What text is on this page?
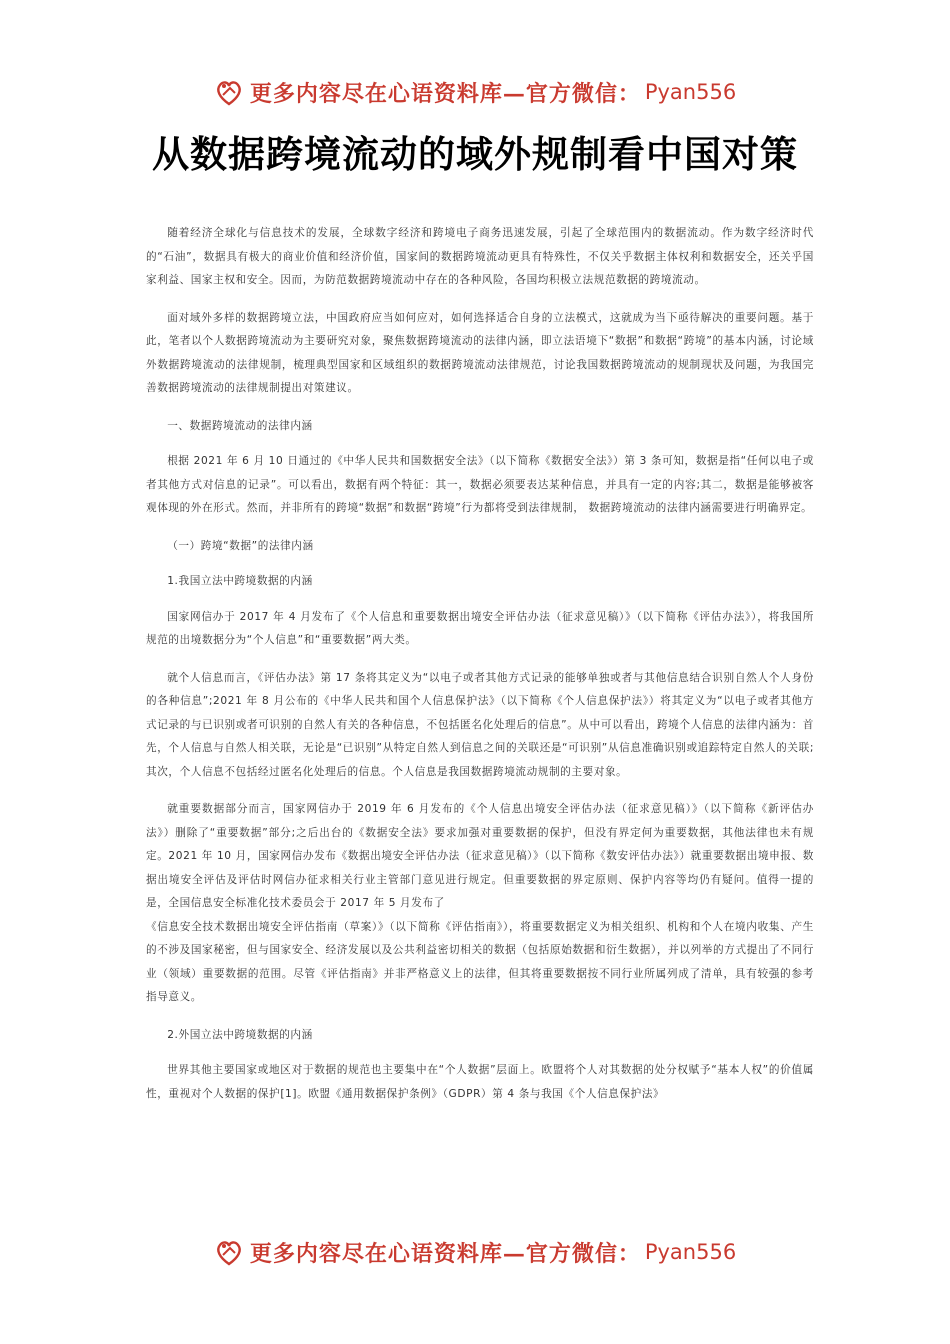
更多内容尽在心语资料库—官方微信： Pyan556
从数据跨境流动的域外规制看中国对策

随着经济全球化与信息技术的发展，全球数字经济和跨境电子商务迅速发展，引起了全球范围内的数据流动。作为数字经济时代的“石油”，数据具有极大的商业价值和经济价值，国家间的数据跨境流动更具有特殊性，不仅关乎数据主体权利和数据安全，还关乎国家利益、国家主权和安全。因而，为防范数据跨境流动中存在的各种风险，各国均积极立法规范数据的跨境流动。

面对域外多样的数据跨境立法，中国政府应当如何应对，如何选择适合自身的立法模式，这就成为当下亟待解决的重要问题。基于此，笔者以个人数据跨境流动为主要研究对象，聚焦数据跨境流动的法律内涵，即立法语境下“数据”和数据“跨境”的基本内涵，讨论域外数据跨境流动的法律规制，梳理典型国家和区域组织的数据跨境流动法律规范，讨论我国数据跨境流动的规制现状及问题，为我国完善数据跨境流动的法律规制提出对策建议。

一、数据跨境流动的法律内涵

根据 2021 年 6 月 10 日通过的《中华人民共和国数据安全法》（以下简称《数据安全法》）第 3 条可知，数据是指“任何以电子或者其他方式对信息的记录”。可以看出，数据有两个特征：其一，数据必须要表达某种信息，并具有一定的内容;其二，数据是能够被客观体现的外在形式。然而，并非所有的跨境“数据”和数据“跨境”行为都将受到法律规制， 数据跨境流动的法律内涵需要进行明确界定。

（一）跨境“数据”的法律内涵

1.我国立法中跨境数据的内涵

国家网信办于 2017 年 4 月发布了《个人信息和重要数据出境安全评估办法（征求意见稿）》（以下简称《评估办法》），将我国所规范的出境数据分为“个人信息”和“重要数据”两大类。

就个人信息而言，《评估办法》第 17 条将其定义为“以电子或者其他方式记录的能够单独或者与其他信息结合识别自然人个人身份的各种信息”;2021 年 8 月公布的《中华人民共和国个人信息保护法》（以下简称《个人信息保护法》）将其定义为“以电子或者其他方式记录的与已识别或者可识别的自然人有关的各种信息，不包括匿名化处理后的信息”。从中可以看出，跨境个人信息的法律内涵为：首先，个人信息与自然人相关联，无论是“已识别”从特定自然人到信息之间的关联还是“可识别”从信息准确识别或追踪特定自然人的关联;其次，个人信息不包括经过匿名化处理后的信息。个人信息是我国数据跨境流动规制的主要对象。

就重要数据部分而言，国家网信办于 2019 年 6 月发布的《个人信息出境安全评估办法（征求意见稿）》（以下简称《新评估办法》）删除了“重要数据”部分;之后出台的《数据安全法》要求加强对重要数据的保护，但没有界定何为重要数据，其他法律也未有规定。2021 年 10 月，国家网信办发布《数据出境安全评估办法（征求意见稿）》（以下简称《数安评估办法》）就重要数据出境申报、数据出境安全评估及评估时网信办征求相关行业主管部门意见进行规定。但重要数据的界定原则、保护内容等均仍有疑问。值得一提的是，全国信息安全标准化技术委员会于 2017 年 5 月发布了

《信息安全技术数据出境安全评估指南（草案）》（以下简称《评估指南》），将重要数据定义为相关组织、机构和个人在境内收集、产生的不涉及国家秘密，但与国家安全、经济发展以及公共利益密切相关的数据（包括原始数据和衍生数据），并以列举的方式提出了不同行业（领域）重要数据的范围。尽管《评估指南》并非严格意义上的法律，但其将重要数据按不同行业所属列成了清单，具有较强的参考指导意义。

2.外国立法中跨境数据的内涵

世界其他主要国家或地区对于数据的规范也主要集中在“个人数据”层面上。欧盟将个人对其数据的处分权赋予“基本人权”的价值属性，重视对个人数据的保护[1]。欧盟《通用数据保护条例》（GDPR）第 4 条与我国《个人信息保护法》

更多内容尽在心语资料库—官方微信： Pyan556
